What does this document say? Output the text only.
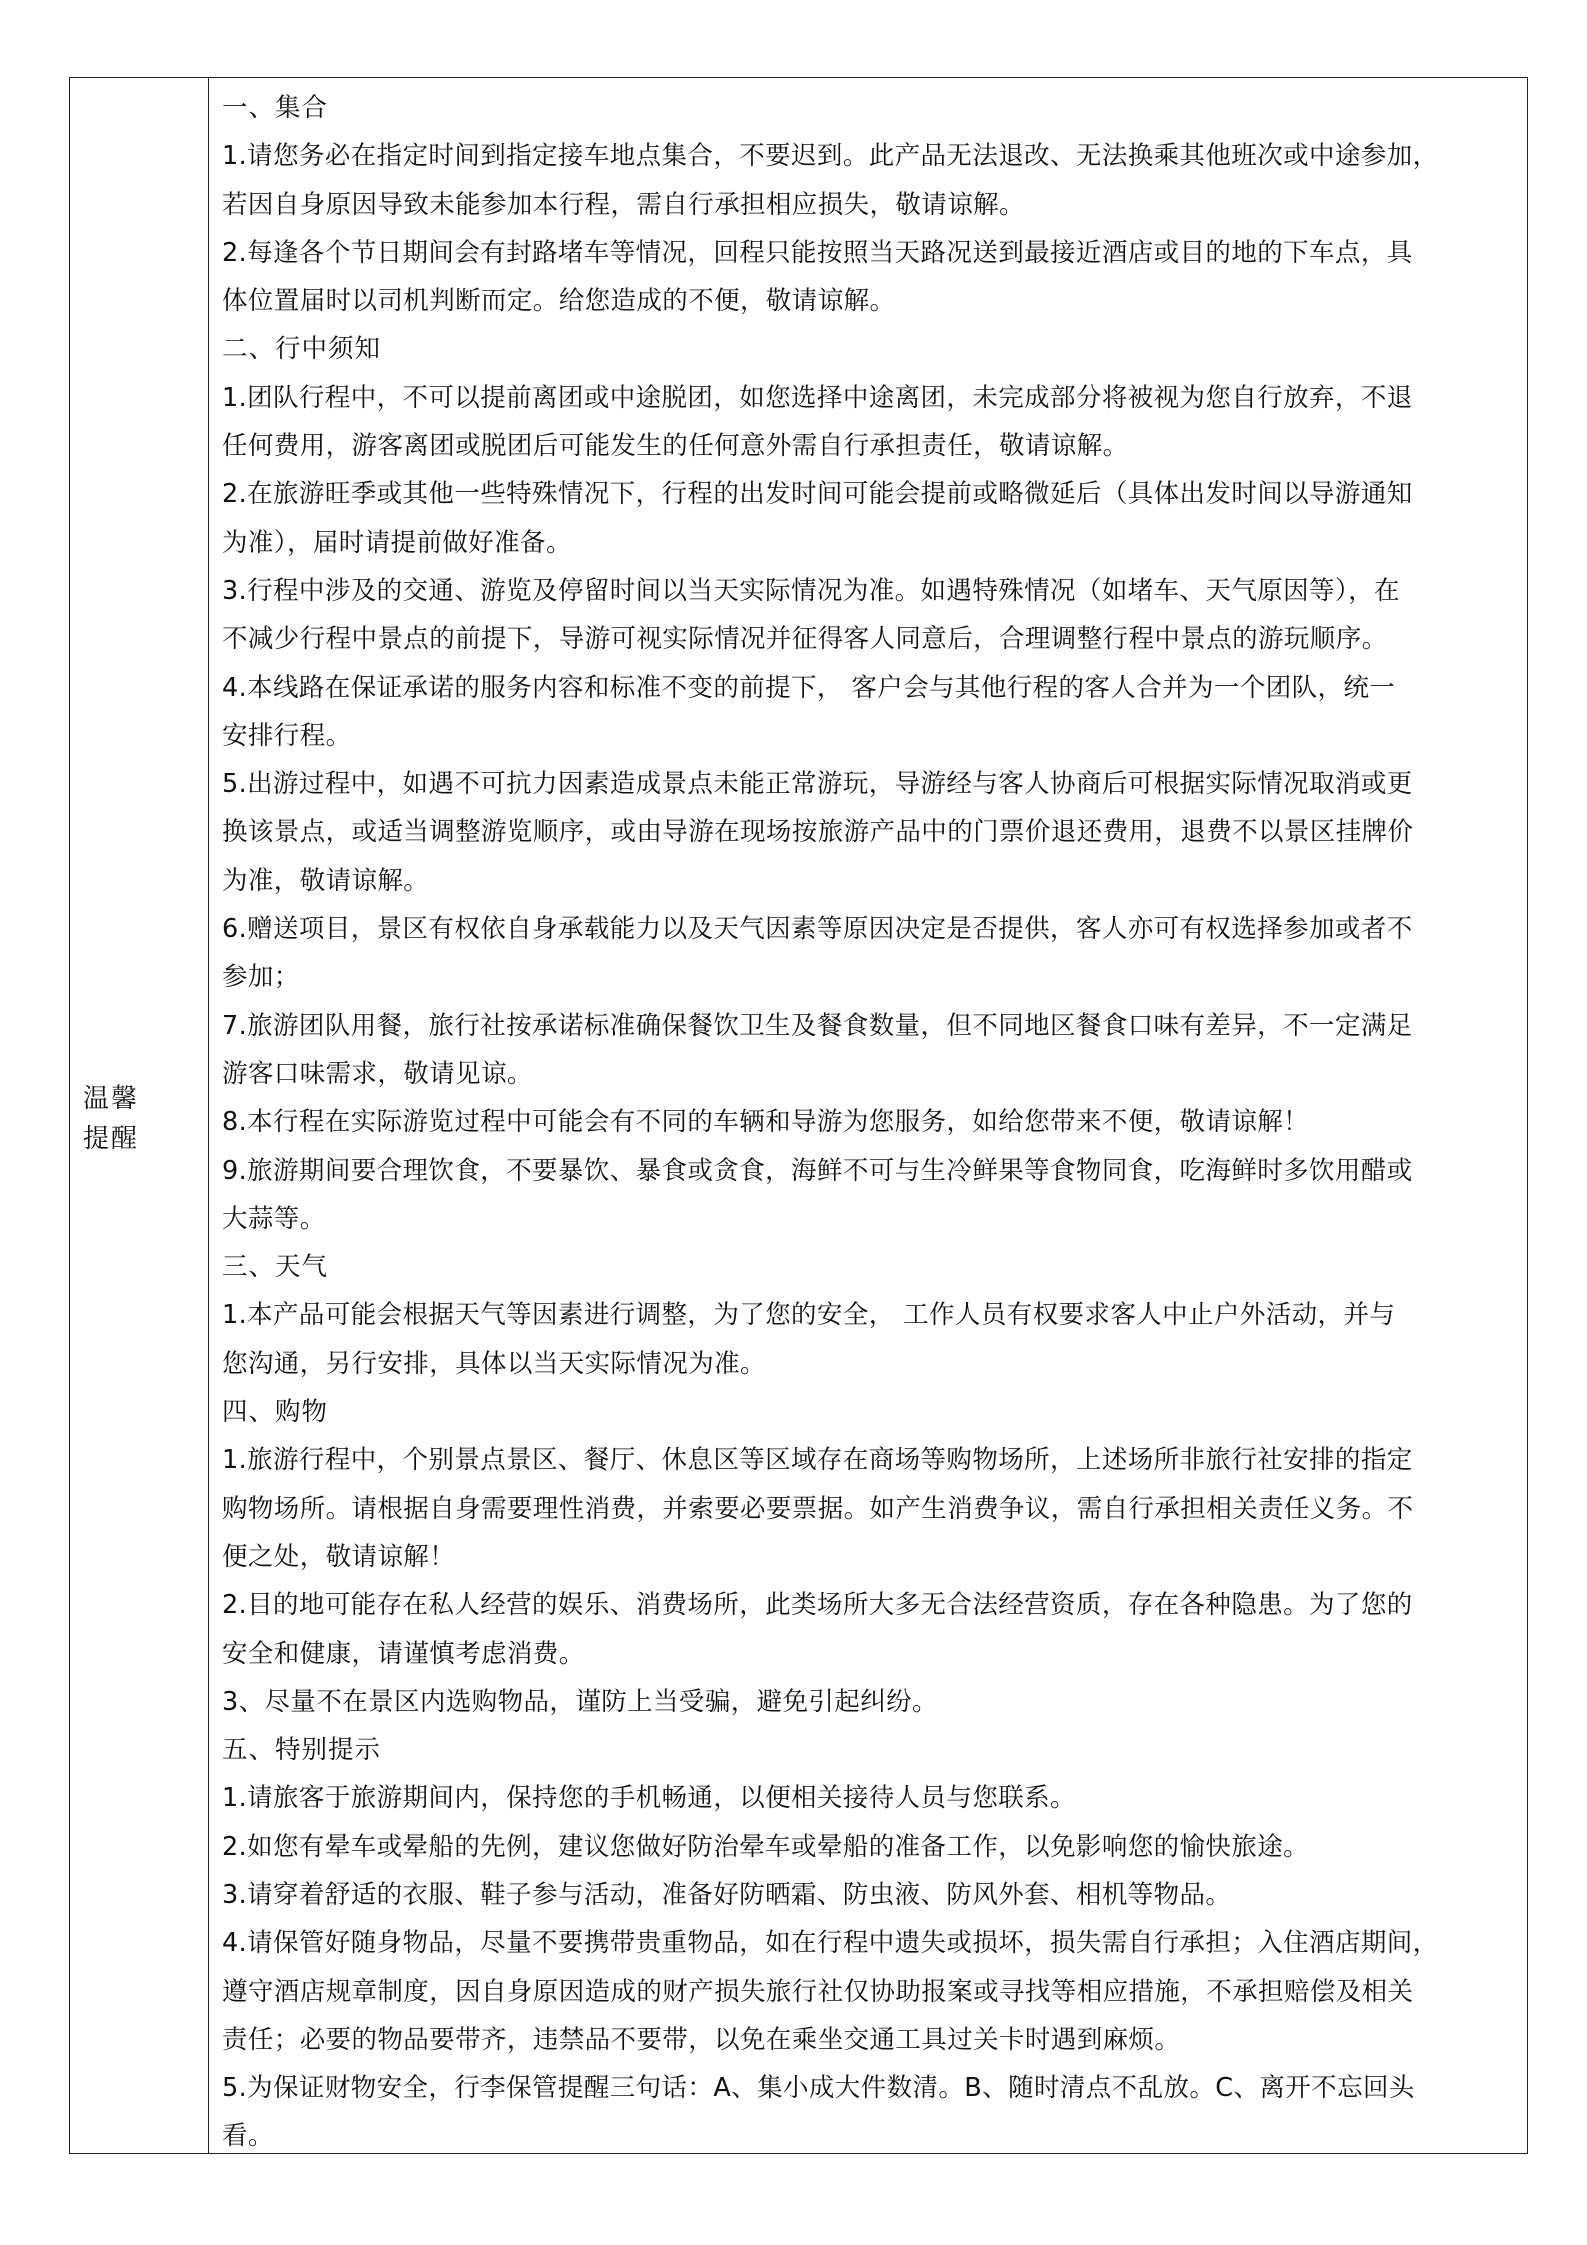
温馨提醒

一、集合

1.请您务必在指定时间到指定接车地点集合，不要迟到。此产品无法退改、无法换乘其他班次或中途参加，

若因自身原因导致未能参加本行程，需自行承担相应损失，敬请谅解。

2.每逢各个节日期间会有封路堵车等情况，回程只能按照当天路况送到最接近酒店或目的地的下车点，具

体位置届时以司机判断而定。给您造成的不便，敬请谅解。

二、行中须知

1.团队行程中，不可以提前离团或中途脱团，如您选择中途离团，未完成部分将被视为您自行放弃，不退

任何费用，游客离团或脱团后可能发生的任何意外需自行承担责任，敬请谅解。

2.在旅游旺季或其他一些特殊情况下，行程的出发时间可能会提前或略微延后（具体出发时间以导游通知

为准），届时请提前做好准备。

3.行程中涉及的交通、游览及停留时间以当天实际情况为准。如遇特殊情况（如堵车、天气原因等），在

不减少行程中景点的前提下，导游可视实际情况并征得客人同意后，合理调整行程中景点的游玩顺序。

4.本线路在保证承诺的服务内容和标准不变的前提下， 客户会与其他行程的客人合并为一个团队，统一

安排行程。

5.出游过程中，如遇不可抗力因素造成景点未能正常游玩，导游经与客人协商后可根据实际情况取消或更

换该景点，或适当调整游览顺序，或由导游在现场按旅游产品中的门票价退还费用，退费不以景区挂牌价

为准，敬请谅解。

6.赠送项目，景区有权依自身承载能力以及天气因素等原因决定是否提供，客人亦可有权选择参加或者不

参加；

7.旅游团队用餐，旅行社按承诺标准确保餐饮卫生及餐食数量，但不同地区餐食口味有差异，不一定满足

游客口味需求，敬请见谅。

8.本行程在实际游览过程中可能会有不同的车辆和导游为您服务，如给您带来不便，敬请谅解！

9.旅游期间要合理饮食，不要暴饮、暴食或贪食，海鲜不可与生冷鲜果等食物同食，吃海鲜时多饮用醋或

大蒜等。

三、天气

1.本产品可能会根据天气等因素进行调整，为了您的安全， 工作人员有权要求客人中止户外活动，并与

您沟通，另行安排，具体以当天实际情况为准。

四、购物

1.旅游行程中，个别景点景区、餐厅、休息区等区域存在商场等购物场所，上述场所非旅行社安排的指定

购物场所。请根据自身需要理性消费，并索要必要票据。如产生消费争议，需自行承担相关责任义务。不

便之处，敬请谅解！

2.目的地可能存在私人经营的娱乐、消费场所，此类场所大多无合法经营资质，存在各种隐患。为了您的

安全和健康，请谨慎考虑消费。

3、尽量不在景区内选购物品，谨防上当受骗，避免引起纠纷。

五、特别提示

1.请旅客于旅游期间内，保持您的手机畅通，以便相关接待人员与您联系。

2.如您有晕车或晕船的先例，建议您做好防治晕车或晕船的准备工作，以免影响您的愉快旅途。

3.请穿着舒适的衣服、鞋子参与活动，准备好防晒霜、防虫液、防风外套、相机等物品。

4.请保管好随身物品，尽量不要携带贵重物品，如在行程中遗失或损坏，损失需自行承担；入住酒店期间，

遵守酒店规章制度，因自身原因造成的财产损失旅行社仅协助报案或寻找等相应措施，不承担赔偿及相关

责任；必要的物品要带齐，违禁品不要带，以免在乘坐交通工具过关卡时遇到麻烦。

5.为保证财物安全，行李保管提醒三句话：A、集小成大件数清。B、随时清点不乱放。C、离开不忘回头

看。
